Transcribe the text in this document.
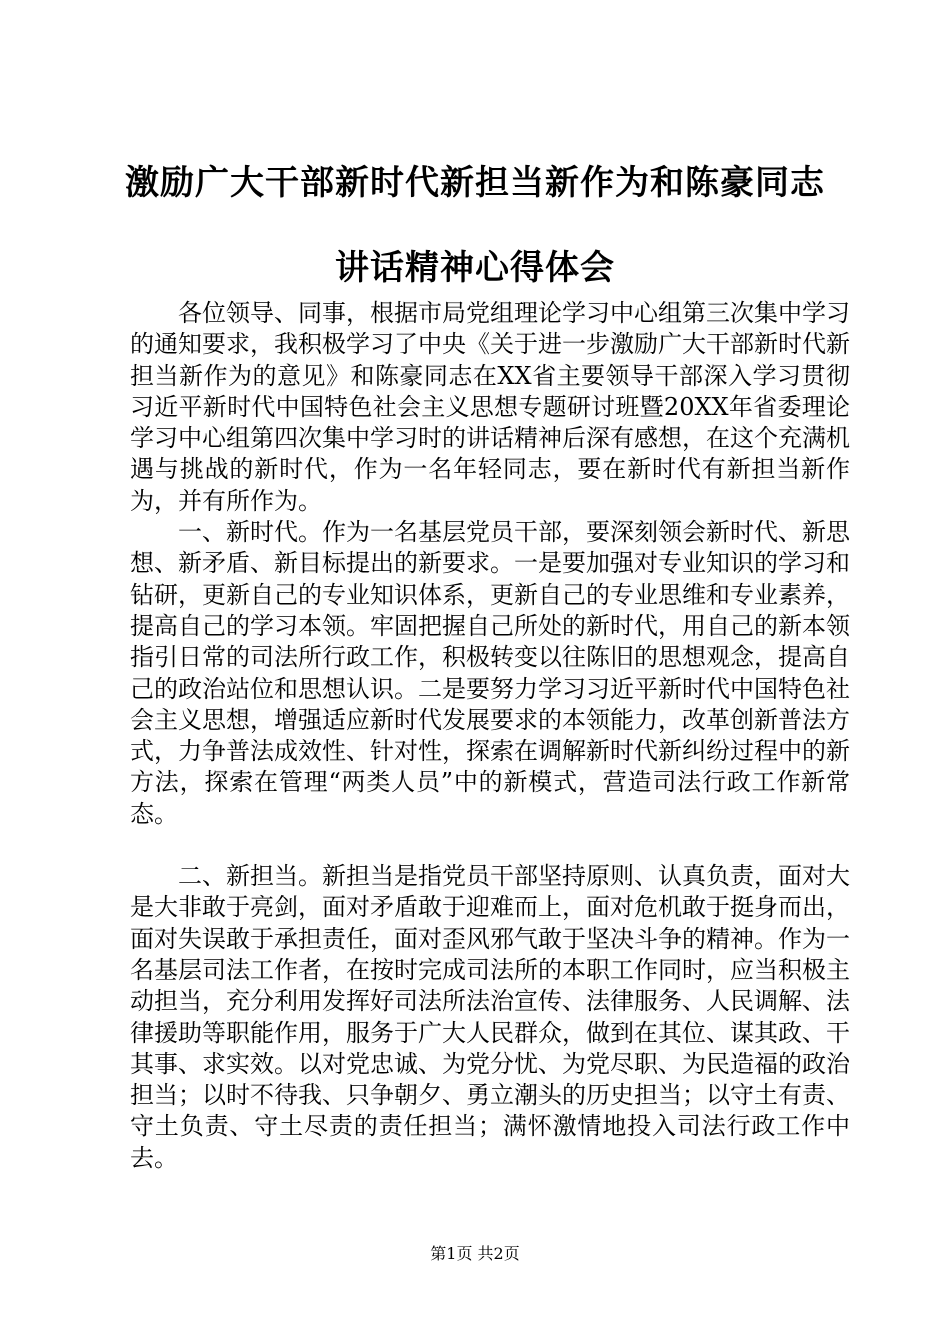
激励广大干部新时代新担当新作为和陈豪同志
讲话精神心得体会

各位领导、同事，根据市局党组理论学习中心组第三次集中学习的通知要求，我积极学习了中央《关于进一步激励广大干部新时代新担当新作为的意见》和陈豪同志在XX省主要领导干部深入学习贯彻习近平新时代中国特色社会主义思想专题研讨班暨20XX年省委理论学习中心组第四次集中学习时的讲话精神后深有感想，在这个充满机遇与挑战的新时代，作为一名年轻同志，要在新时代有新担当新作为，并有所作为。

一、新时代。作为一名基层党员干部，要深刻领会新时代、新思想、新矛盾、新目标提出的新要求。一是要加强对专业知识的学习和钻研，更新自己的专业知识体系，更新自己的专业思维和专业素养，提高自己的学习本领。牢固把握自己所处的新时代，用自己的新本领指引日常的司法所行政工作，积极转变以往陈旧的思想观念，提高自己的政治站位和思想认识。二是要努力学习习近平新时代中国特色社会主义思想，增强适应新时代发展要求的本领能力，改革创新普法方式，力争普法成效性、针对性，探索在调解新时代新纠纷过程中的新方法，探索在管理“两类人员”中的新模式，营造司法行政工作新常态。

二、新担当。新担当是指党员干部坚持原则、认真负责，面对大是大非敢于亮剑，面对矛盾敢于迎难而上，面对危机敢于挺身而出，面对失误敢于承担责任，面对歪风邪气敢于坚决斗争的精神。作为一名基层司法工作者，在按时完成司法所的本职工作同时，应当积极主动担当，充分利用发挥好司法所法治宣传、法律服务、人民调解、法律援助等职能作用，服务于广大人民群众，做到在其位、谋其政、干其事、求实效。以对党忠诚、为党分忧、为党尽职、为民造福的政治担当；以时不待我、只争朝夕、勇立潮头的历史担当；以守土有责、守土负责、守土尽责的责任担当；满怀激情地投入司法行政工作中去。

第1页 共2页
